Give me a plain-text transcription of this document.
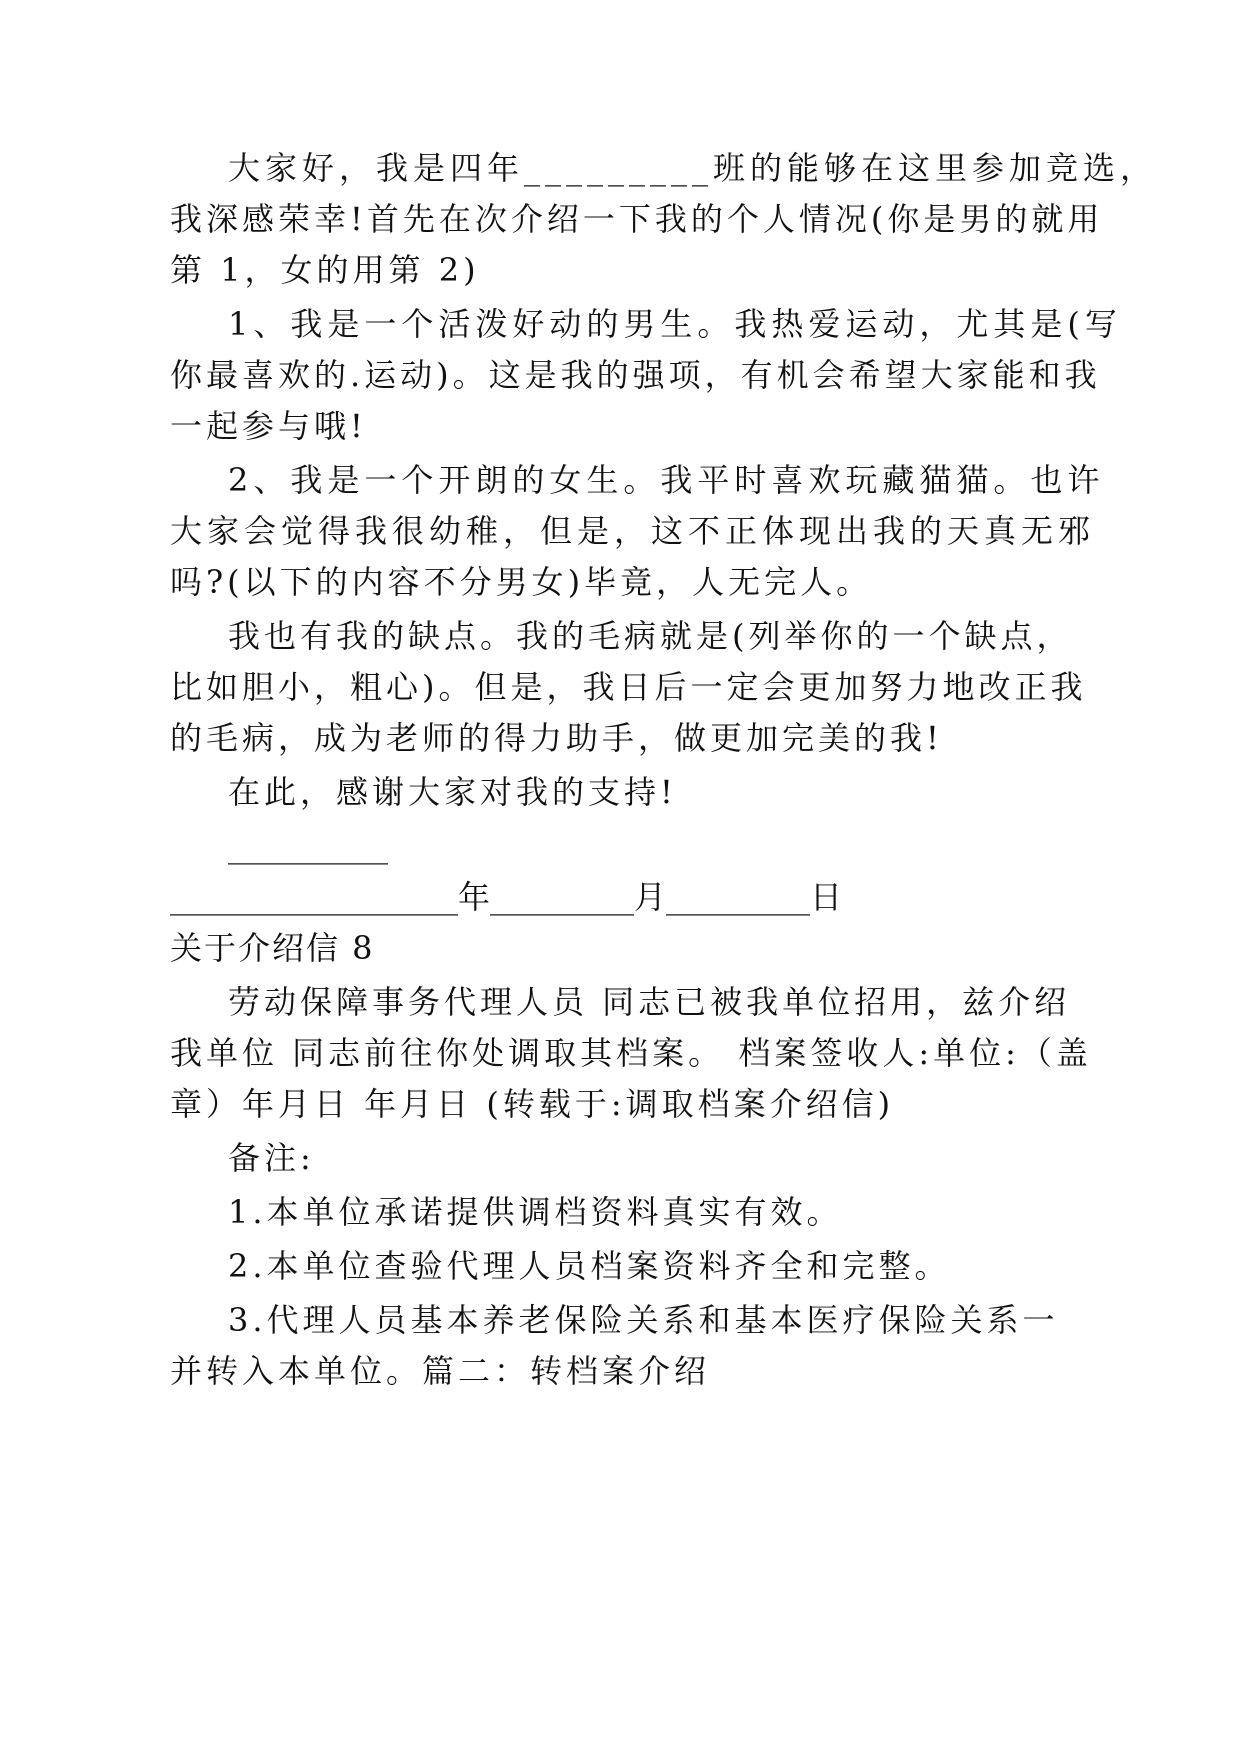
大家好，我是四年_________班的能够在这里参加竞选，
我深感荣幸!首先在次介绍一下我的个人情况(你是男的就用
第 1，女的用第 2)
1、我是一个活泼好动的男生。我热爱运动，尤其是(写
你最喜欢的.运动)。这是我的强项，有机会希望大家能和我
一起参与哦!
2、我是一个开朗的女生。我平时喜欢玩藏猫猫。也许
大家会觉得我很幼稚，但是，这不正体现出我的天真无邪
吗?(以下的内容不分男女)毕竟，人无完人。
我也有我的缺点。我的毛病就是(列举你的一个缺点，
比如胆小，粗心)。但是，我日后一定会更加努力地改正我
的毛病，成为老师的得力助手，做更加完美的我!
在此，感谢大家对我的支持!
__________
__________________年_________月_________日
关于介绍信 8
劳动保障事务代理人员 同志已被我单位招用，兹介绍
我单位 同志前往你处调取其档案。 档案签收人:单位:（盖
章）年月日 年月日 (转载于:调取档案介绍信)
备注:
1.本单位承诺提供调档资料真实有效。
2.本单位查验代理人员档案资料齐全和完整。
3.代理人员基本养老保险关系和基本医疗保险关系一
并转入本单位。篇二：转档案介绍
